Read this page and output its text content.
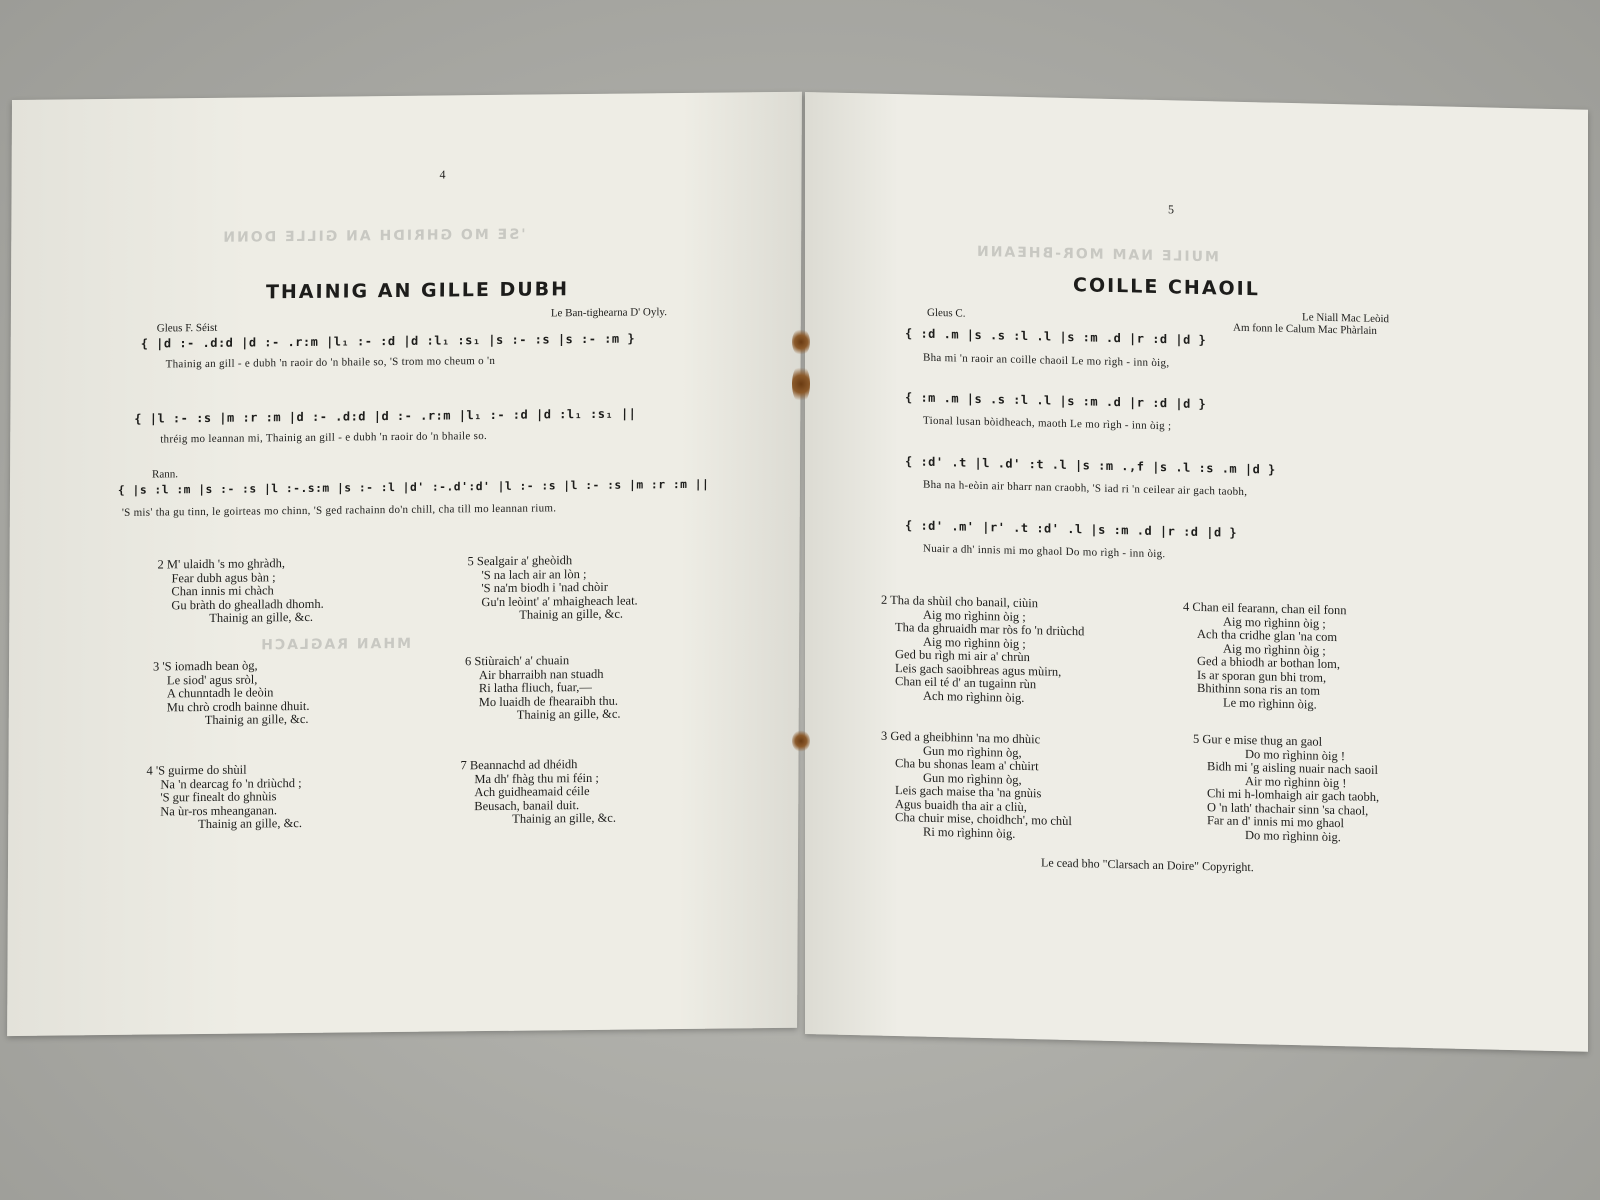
'SE MO GHRIDH AN GILLE DONN
MHAN RAGLACH
4
THAINIG AN GILLE DUBH
Le Ban-tighearna D' Oyly.
Gleus F. Séist
{ |d :- .d:d |d :- .r:m |l₁ :- :d |d :l₁ :s₁ |s :- :s |s :- :m }
Thainig an gill - e dubh 'n raoir do 'n bhaile so, 'S trom mo cheum o 'n
{ |l :- :s |m :r :m |d :- .d:d |d :- .r:m |l₁ :- :d |d :l₁ :s₁ ||
thréig mo leannan mi, Thainig an gill - e dubh 'n raoir do 'n bhaile so.
Rann.
{ |s :l :m |s :- :s |l :-.s:m |s :- :l |d' :-.d':d' |l :- :s |l :- :s |m :r :m ||
'S mis' tha gu tinn, le goirteas mo chinn, 'S ged rachainn do'n chill, cha till mo leannan rium.
2 M' ulaidh 's mo ghràdh,
Fear dubh agus bàn ;
Chan innis mi chàch
Gu bràth do ghealladh dhomh.
Thainig an gille, &c.
5 Sealgair a' gheòidh
'S na lach air an lòn ;
'S na'm biodh i 'nad chòir
Gu'n leòint' a' mhaigheach leat.
Thainig an gille, &c.
3 'S iomadh bean òg,
Le siod' agus sròl,
A chunntadh le deòin
Mu chrò crodh bainne dhuit.
Thainig an gille, &c.
6 Stiùraich' a' chuain
Air bharraibh nan stuadh
Ri latha fliuch, fuar,—
Mo luaidh de fhearaibh thu.
Thainig an gille, &c.
4 'S guirme do shùil
Na 'n dearcag fo 'n driùchd ;
'S gur finealt do ghnùis
Na ùr-ros mheanganan.
Thainig an gille, &c.
7 Beannachd ad dhéidh
Ma dh' fhàg thu mi féin ;
Ach guidheamaid céile
Beusach, banail duit.
Thainig an gille, &c.
MUILE NAM MOR-BHEANN
5
COILLE CHAOIL
Gleus C.	Le Niall Mac Leòid
Am fonn le Calum Mac Phàrlain
{ :d .m |s .s :l .l |s :m .d |r :d |d }
Bha mi 'n raoir an coille chaoil Le mo rìgh - inn òig,
{ :m .m |s .s :l .l |s :m .d |r :d |d }
Tional lusan bòidheach, maoth Le mo rìgh - inn òig ;
{ :d' .t |l .d' :t .l |s :m .,f |s .l :s .m |d }
Bha na h-eòin air bharr nan craobh, 'S iad ri 'n ceilear air gach taobh,
{ :d' .m' |r' .t :d' .l |s :m .d |r :d |d }
Nuair a dh' innis mi mo ghaol Do mo rìgh - inn òig.
2 Tha da shùil cho banail, ciùin
Aig mo rìghinn òig ;
Tha da ghruaidh mar ròs fo 'n driùchd
Aig mo rìghinn òig ;
Ged bu rìgh mi air a' chrùn
Leis gach saoibhreas agus mùirn,
Chan eil té d' an tugainn rùn
Ach mo rìghinn òig.
4 Chan eil fearann, chan eil fonn
Aig mo rìghinn òig ;
Ach tha cridhe glan 'na com
Aig mo rìghinn òig ;
Ged a bhiodh ar bothan lom,
Is ar sporan gun bhi trom,
Bhithinn sona ris an tom
Le mo rìghinn òig.
3 Ged a gheibhinn 'na mo dhùic
Gun mo rìghinn òg,
Cha bu shonas leam a' chùirt
Gun mo rìghinn òg,
Leis gach maise tha 'na gnùis
Agus buaidh tha air a cliù,
Cha chuir mise, choidhch', mo chùl
Ri mo rìghinn òig.
5 Gur e mise thug an gaol
Do mo rìghinn òig !
Bidh mi 'g aisling nuair nach saoil
Air mo rìghinn òig !
Chi mi h-lomhaigh air gach taobh,
O 'n lath' thachair sinn 'sa chaol,
Far an d' innis mi mo ghaol
Do mo rìghinn òig.
Le cead bho "Clarsach an Doire" Copyright.
